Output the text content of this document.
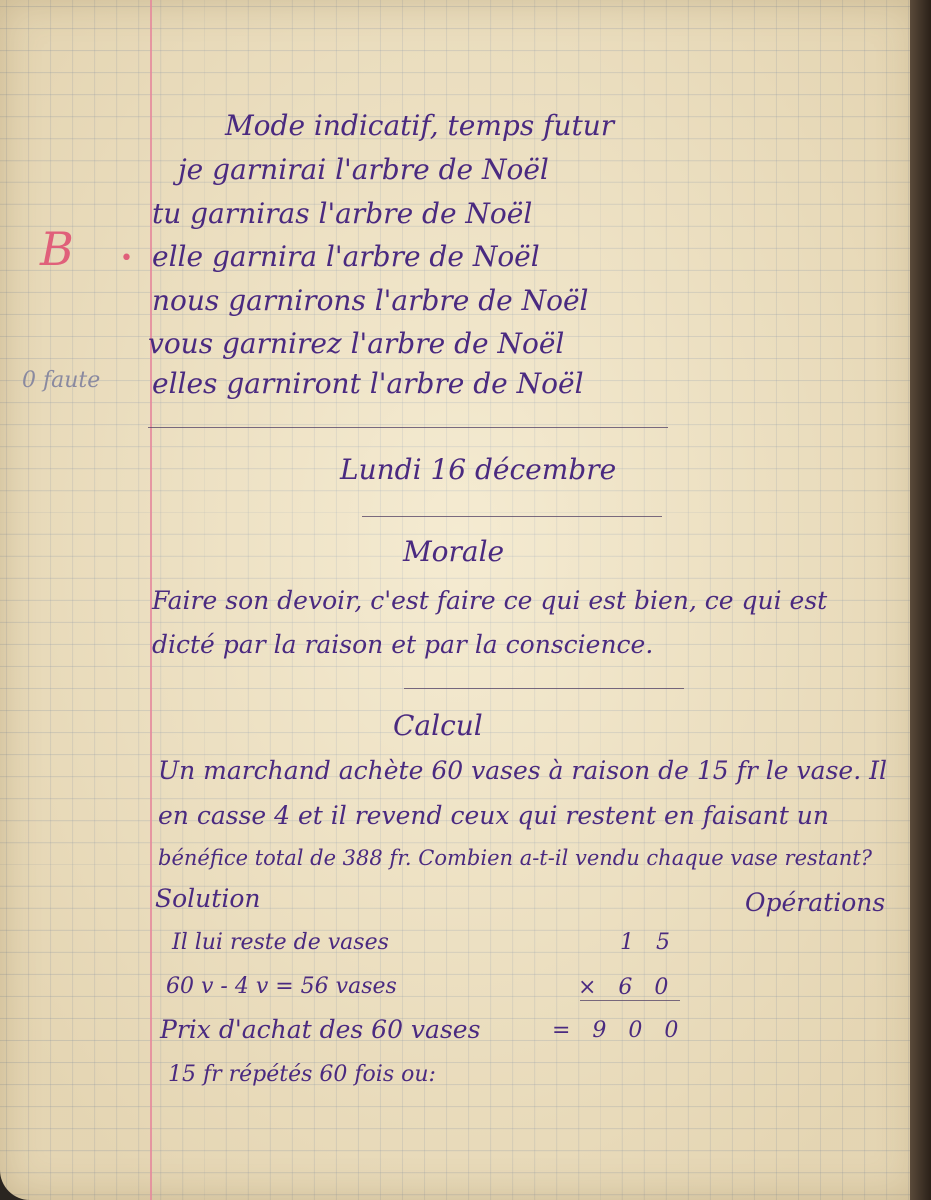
B •
0 faute
Mode indicatif, temps futur
je garnirai l'arbre de Noël
tu garniras l'arbre de Noël
elle garnira l'arbre de Noël
nous garnirons l'arbre de Noël
vous garnirez l'arbre de Noël
elles garniront l'arbre de Noël
Lundi 16 décembre
Morale
Faire son devoir, c'est faire ce qui est bien, ce qui est
dicté par la raison et par la conscience.
Calcul
Un marchand achète 60 vases à raison de 15 fr le vase. Il
en casse 4 et il revend ceux qui restent en faisant un
bénéfice total de 388 fr. Combien a-t-il vendu chaque vase restant?
Solution	Opérations
Il lui reste de vases
60 v - 4 v = 56 vases
Prix d'achat des 60 vases
15 fr répétés 60 fois ou:
15
×60
=900
